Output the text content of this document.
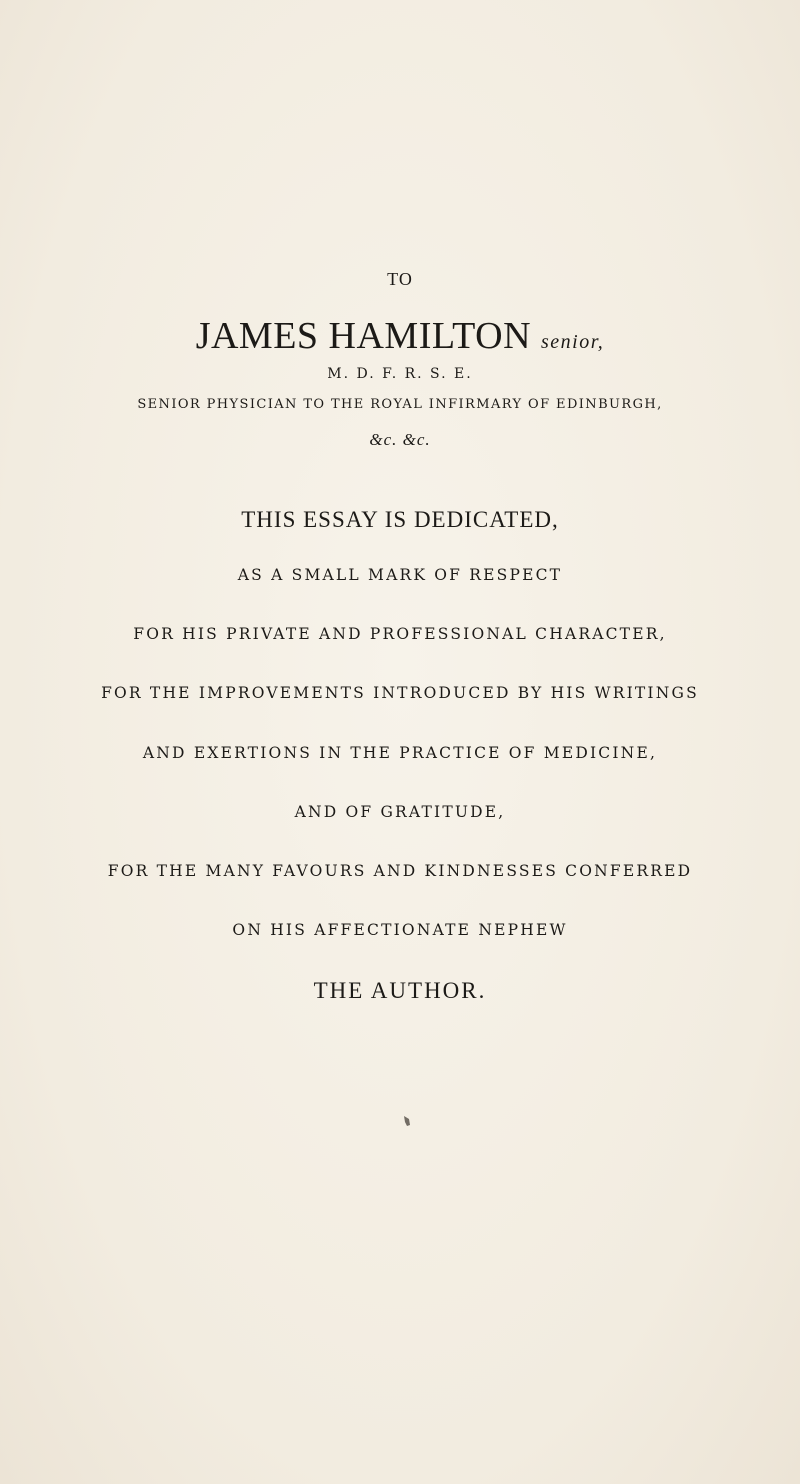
TO
JAMES HAMILTON senior,
M. D. F. R. S. E.
SENIOR PHYSICIAN TO THE ROYAL INFIRMARY OF EDINBURGH,
&c. &c.
THIS ESSAY IS DEDICATED,
AS A SMALL MARK OF RESPECT
FOR HIS PRIVATE AND PROFESSIONAL CHARACTER,
FOR THE IMPROVEMENTS INTRODUCED BY HIS WRITINGS
AND EXERTIONS IN THE PRACTICE OF MEDICINE,
AND OF GRATITUDE,
FOR THE MANY FAVOURS AND KINDNESSES CONFERRED
ON HIS AFFECTIONATE NEPHEW
THE AUTHOR.
